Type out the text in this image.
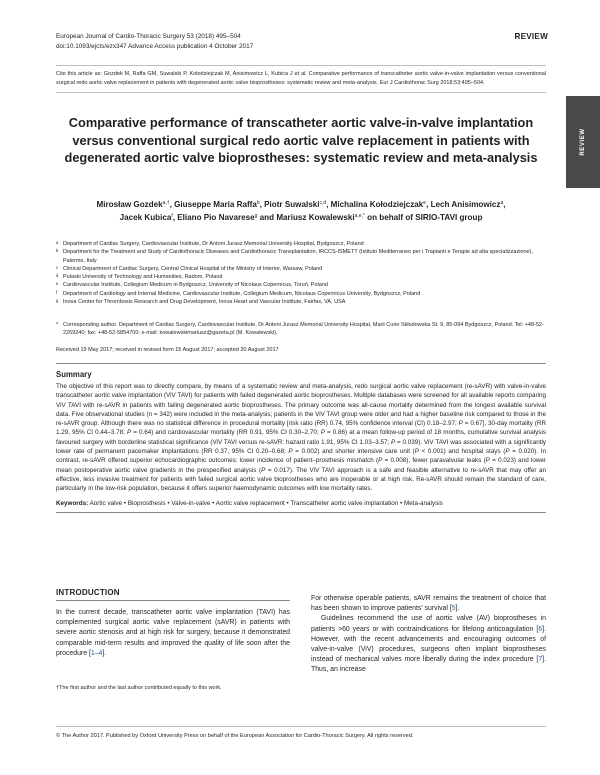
European Journal of Cardio-Thoracic Surgery 53 (2018) 495–504
doi:10.1093/ejcts/ezx347 Advance Access publication 4 October 2017
REVIEW
REVIEW
Cite this article as: Gozdek M, Raffa GM, Suwalski P, Kołodziejczak M, Anisimowicz L, Kubica J et al. Comparative performance of transcatheter aortic valve-in-valve implantation versus conventional surgical redo aortic valve replacement in patients with degenerated aortic valve bioprostheses: systematic review and meta-analysis. Eur J Cardiothorac Surg 2018;53:495–504.
Comparative performance of transcatheter aortic valve-in-valve implantation versus conventional surgical redo aortic valve replacement in patients with degenerated aortic valve bioprostheses: systematic review and meta-analysis
Mirosław Gozdek$^{a,\dagger}$, Giuseppe Maria Raffa$^b$, Piotr Suwalski$^{c,d}$, Michalina Kołodziejczak$^e$, Lech Anisimowicz$^a$,
Jacek Kubica$^f$, Eliano Pio Navarese$^g$ and Mariusz Kowalewski$^{a,e,*}$ on behalf of SIRIO-TAVI group
a Department of Cardiac Surgery, Cardiovascular Institute, Dr Antoni Jurasz Memorial University Hospital, Bydgoszcz, Poland
b Department for the Treatment and Study of Cardiothoracic Diseases and Cardiothoracic Transplantation, IRCCS-ISMETT (Istituto Mediterraneo per i Trapianti e Terapie ad alta specializzazione), Palermo, Italy
c Clinical Department of Cardiac Surgery, Central Clinical Hospital of the Ministry of Interior, Warsaw, Poland
d Pulaski University of Technology and Humanities, Radom, Poland
e Cardiovascular Institute, Collegium Medicum in Bydgoszcz, University of Nicolaus Copernicus, Toruń, Poland
f	Department of Cardiology and Internal Medicine, Cardiovascular Institute, Collegium Medicum, Nicolaus Copernicus University, Bydgoszcz, Poland
g Inova Center for Thrombosis Research and Drug Development, Inova Heart and Vascular Institute, Fairfax, VA, USA
* Corresponding author. Department of Cardiac Surgery, Cardiovascular Institute, Dr Antoni Jurasz Memorial University Hospital, Marii Curie Skłodowska St. 9, 85-094 Bydgoszcz, Poland. Tel: +48-52-2269240; fax: +48-52-5854700; e-mail: kowalewskimariusz@gazeta.pl (M. Kowalewski).
Received 19 May 2017; received in revised form 15 August 2017; accepted 20 August 2017
Summary
The objective of this report was to directly compare, by means of a systematic review and meta-analysis, redo surgical aortic valve replacement (re-sAVR) with valve-in-valve transcatheter aortic valve implantation (ViV TAVI) for patients with failed degenerated aortic bioprostheses. Multiple databases were screened for all available reports comparing ViV TAVI with re-sAVR in patients with failing degenerated aortic bioprostheses. The primary outcome was all-cause mortality determined from the longest available survival data. Five observational studies (n = 342) were included in the meta-analysis; patients in the ViV TAVI group were older and had a higher baseline risk compared to those in the re-sAVR group. Although there was no statistical difference in procedural mortality [risk ratio (RR) 0.74, 95% confidence interval (CI) 0.18–2.97; P = 0.67], 30-day mortality (RR 1.29, 95% CI 0.44–3.78; P = 0.64) and cardiovascular mortality (RR 0.91, 95% CI 0.30–2.70; P = 0.86) at a mean follow-up period of 18 months, cumulative survival analysis favoured surgery with borderline statistical significance (ViV TAVI versus re-sAVR: hazard ratio 1.91, 95% CI 1.03–3.57; P = 0.039). ViV TAVI was associated with a significantly lower rate of permanent pacemaker implantations (RR 0.37, 95% CI 0.20–0.68; P = 0.002) and shorter intensive care unit (P < 0.001) and hospital stays (P = 0.020). In contrast, re-sAVR offered superior echocardiographic outcomes: lower incidence of patient–prosthesis mismatch (P = 0.008), fewer paravalvular leaks (P = 0.023) and lower mean postoperative aortic valve gradients in the prespecified analysis (P = 0.017). The ViV TAVI approach is a safe and feasible alternative to re-sAVR that may offer an effective, less invasive treatment for patients with failed surgical aortic valve bioprostheses who are inoperable or at high risk. Re-sAVR should remain the standard of care, particularly in the low-risk population, because it offers superior haemodynamic outcomes with low mortality rates.
Keywords: Aortic valve • Bioprosthesis • Valve-in-valve • Aortic valve replacement • Transcatheter aortic valve implantation • Meta-analysis
INTRODUCTION
In the current decade, transcatheter aortic valve implantation (TAVI) has complemented surgical aortic valve replacement (sAVR) in patients with severe aortic stenosis and at high risk for surgery, because it demonstrated comparable mid-term results and improved the quality of life soon after the procedure [1–4].

For otherwise operable patients, sAVR remains the treatment of choice that has been shown to improve patients' survival [5].

Guidelines recommend the use of aortic valve (AV) bioprostheses in patients >60 years or with contraindications for lifelong anticoagulation [6]. However, with the recent advancements and encouraging outcomes of valve-in-valve (ViV) procedures, surgeons often implant bioprostheses instead of mechanical valves more liberally during the index procedure [7]. Thus, an increase

†The first author and the last author contributed equally to this work.
© The Author 2017. Published by Oxford University Press on behalf of the European Association for Cardio-Thoracic Surgery. All rights reserved.
